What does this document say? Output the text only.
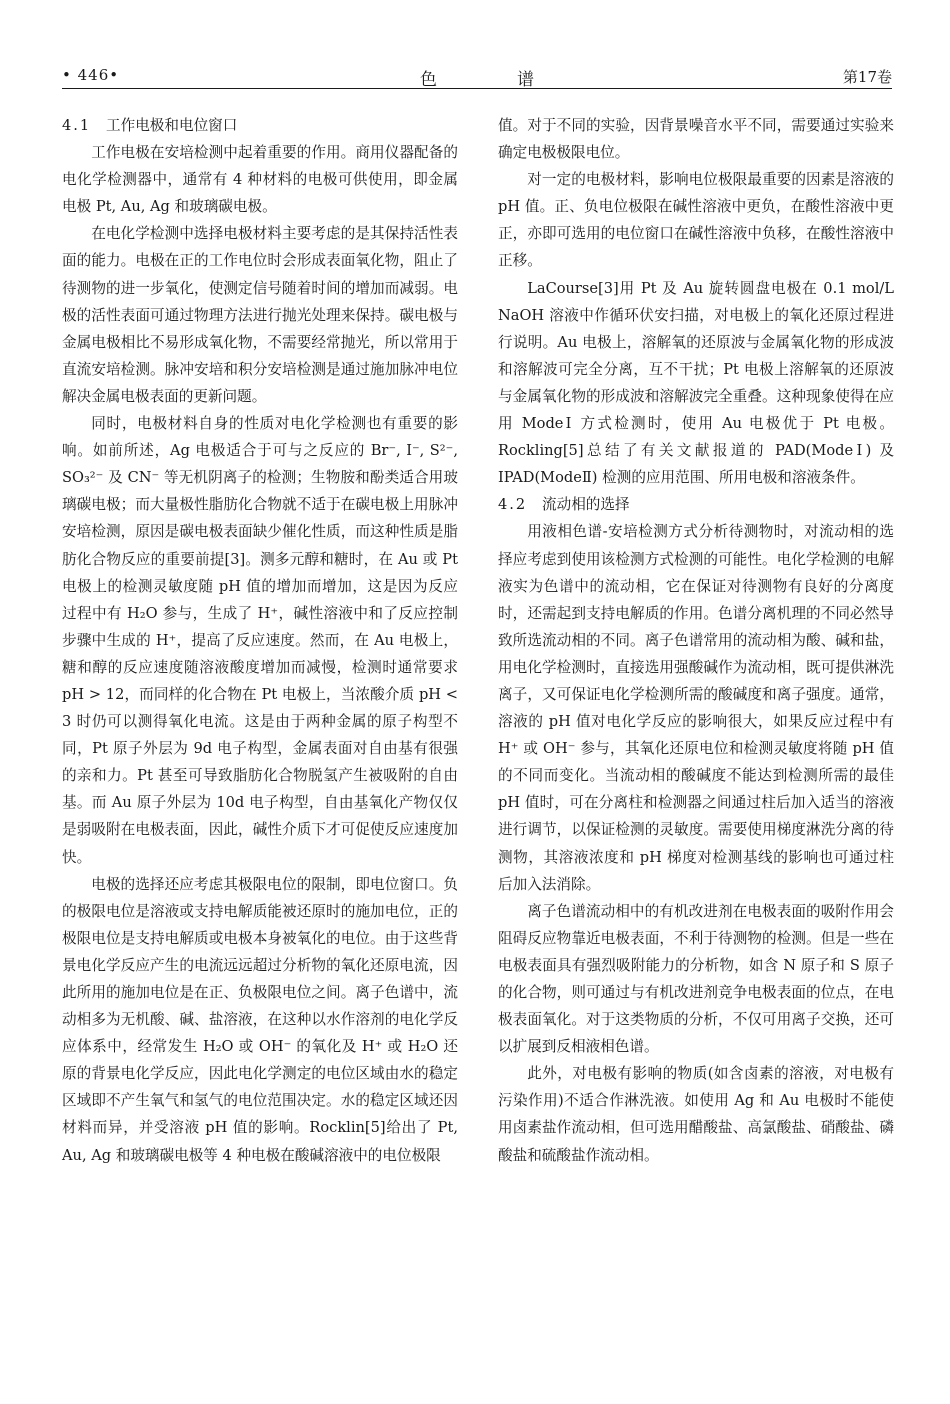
• 446•	色谱	第17卷
4.1 工作电极和电位窗口

工作电极在安培检测中起着重要的作用。商用仪器配备的电化学检测器中，通常有 4 种材料的电极可供使用，即金属电极 Pt, Au, Ag 和玻璃碳电极。

在电化学检测中选择电极材料主要考虑的是其保持活性表面的能力。电极在正的工作电位时会形成表面氧化物，阻止了待测物的进一步氧化，使测定信号随着时间的增加而减弱。电极的活性表面可通过物理方法进行抛光处理来保持。碳电极与金属电极相比不易形成氧化物，不需要经常抛光，所以常用于直流安培检测。脉冲安培和积分安培检测是通过施加脉冲电位解决金属电极表面的更新问题。

同时，电极材料自身的性质对电化学检测也有重要的影响。如前所述，Ag 电极适合于可与之反应的 Br⁻, I⁻, S²⁻, SO₃²⁻ 及 CN⁻ 等无机阴离子的检测；生物胺和酚类适合用玻璃碳电极；而大量极性脂肪化合物就不适于在碳电极上用脉冲安培检测，原因是碳电极表面缺少催化性质，而这种性质是脂肪化合物反应的重要前提[3]。测多元醇和糖时，在 Au 或 Pt 电极上的检测灵敏度随 pH 值的增加而增加，这是因为反应过程中有 H₂O 参与，生成了 H⁺，碱性溶液中和了反应控制步骤中生成的 H⁺，提高了反应速度。然而，在 Au 电极上，糖和醇的反应速度随溶液酸度增加而减慢，检测时通常要求 pH > 12，而同样的化合物在 Pt 电极上，当浓酸介质 pH < 3 时仍可以测得氧化电流。这是由于两种金属的原子构型不同，Pt 原子外层为 9d 电子构型，金属表面对自由基有很强的亲和力。Pt 甚至可导致脂肪化合物脱氢产生被吸附的自由基。而 Au 原子外层为 10d 电子构型，自由基氧化产物仅仅是弱吸附在电极表面，因此，碱性介质下才可促使反应速度加快。

电极的选择还应考虑其极限电位的限制，即电位窗口。负的极限电位是溶液或支持电解质能被还原时的施加电位，正的极限电位是支持电解质或电极本身被氧化的电位。由于这些背景电化学反应产生的电流远远超过分析物的氧化还原电流，因此所用的施加电位是在正、负极限电位之间。离子色谱中，流动相多为无机酸、碱、盐溶液，在这种以水作溶剂的电化学反应体系中，经常发生 H₂O 或 OH⁻ 的氧化及 H⁺ 或 H₂O 还原的背景电化学反应，因此电化学测定的电位区域由水的稳定区域即不产生氧气和氢气的电位范围决定。水的稳定区域还因材料而异，并受溶液 pH 值的影响。Rocklin[5]给出了 Pt, Au, Ag 和玻璃碳电极等 4 种电极在酸碱溶液中的电位极限

值。对于不同的实验，因背景噪音水平不同，需要通过实验来确定电极极限电位。

对一定的电极材料，影响电位极限最重要的因素是溶液的 pH 值。正、负电位极限在碱性溶液中更负，在酸性溶液中更正，亦即可选用的电位窗口在碱性溶液中负移，在酸性溶液中正移。

LaCourse[3]用 Pt 及 Au 旋转圆盘电极在 0.1 mol/L NaOH 溶液中作循环伏安扫描，对电极上的氧化还原过程进行说明。Au 电极上，溶解氧的还原波与金属氧化物的形成波和溶解波可完全分离，互不干扰；Pt 电极上溶解氧的还原波与金属氧化物的形成波和溶解波完全重叠。这种现象使得在应用 ModeⅠ 方式检测时，使用 Au 电极优于 Pt 电极。Rockling[5]总结了有关文献报道的 PAD(ModeⅠ) 及 IPAD(ModeⅡ) 检测的应用范围、所用电极和溶液条件。

4.2 流动相的选择

用液相色谱-安培检测方式分析待测物时，对流动相的选择应考虑到使用该检测方式检测的可能性。电化学检测的电解液实为色谱中的流动相，它在保证对待测物有良好的分离度时，还需起到支持电解质的作用。色谱分离机理的不同必然导致所选流动相的不同。离子色谱常用的流动相为酸、碱和盐，用电化学检测时，直接选用强酸碱作为流动相，既可提供淋洗离子，又可保证电化学检测所需的酸碱度和离子强度。通常，溶液的 pH 值对电化学反应的影响很大，如果反应过程中有 H⁺ 或 OH⁻ 参与，其氧化还原电位和检测灵敏度将随 pH 值的不同而变化。当流动相的酸碱度不能达到检测所需的最佳 pH 值时，可在分离柱和检测器之间通过柱后加入适当的溶液进行调节，以保证检测的灵敏度。需要使用梯度淋洗分离的待测物，其溶液浓度和 pH 梯度对检测基线的影响也可通过柱后加入法消除。

离子色谱流动相中的有机改进剂在电极表面的吸附作用会阻碍反应物靠近电极表面，不利于待测物的检测。但是一些在电极表面具有强烈吸附能力的分析物，如含 N 原子和 S 原子的化合物，则可通过与有机改进剂竞争电极表面的位点，在电极表面氧化。对于这类物质的分析，不仅可用离子交换，还可以扩展到反相液相色谱。

此外，对电极有影响的物质(如含卤素的溶液，对电极有污染作用)不适合作淋洗液。如使用 Ag 和 Au 电极时不能使用卤素盐作流动相，但可选用醋酸盐、高氯酸盐、硝酸盐、磷酸盐和硫酸盐作流动相。
